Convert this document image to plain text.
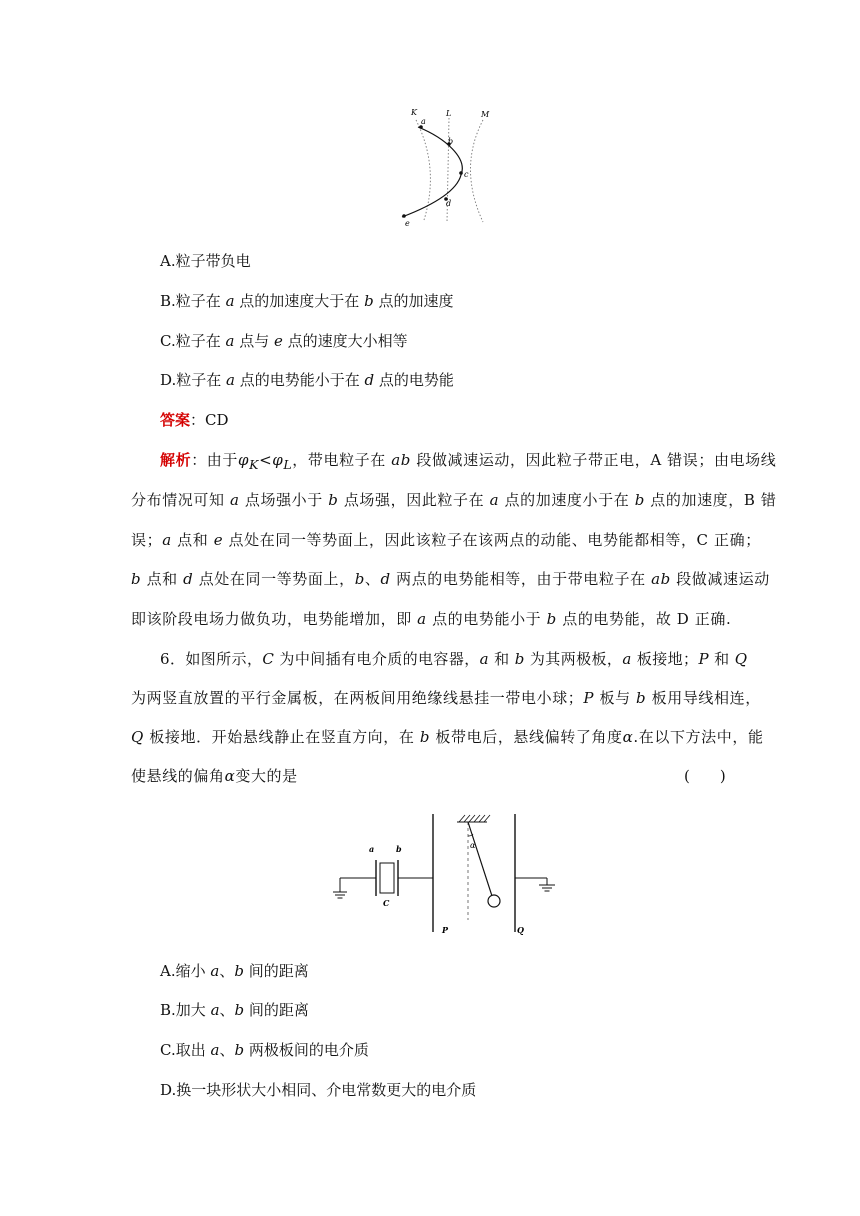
K	L	M
a
b
c
d
e
A.粒子带负电
B.粒子在 a 点的加速度大于在 b 点的加速度
C.粒子在 a 点与 e 点的速度大小相等
D.粒子在 a 点的电势能小于在 d 点的电势能
答案：CD
解析：由于$\varphi_K<\varphi_L$，带电粒子在 ab 段做减速运动，因此粒子带正电，A 错误；由电场线
分布情况可知 a 点场强小于 b 点场强，因此粒子在 a 点的加速度小于在 b 点的加速度，B 错
误；a 点和 e 点处在同一等势面上，因此该粒子在该两点的动能、电势能都相等，C 正确；
b 点和 d 点处在同一等势面上，b、d 两点的电势能相等，由于带电粒子在 ab 段做减速运动
即该阶段电场力做负功，电势能增加，即 a 点的电势能小于 b 点的电势能，故 D 正确.
6．如图所示，C 为中间插有电介质的电容器，a 和 b 为其两极板，a 板接地；P 和 Q
为两竖直放置的平行金属板，在两板间用绝缘线悬挂一带电小球；P 板与 b 板用导线相连，
Q 板接地．开始悬线静止在竖直方向，在 b 板带电后，悬线偏转了角度α.在以下方法中，能
使悬线的偏角α变大的是	(　　)
a	b
C
α
P	Q
A.缩小 a、b 间的距离
B.加大 a、b 间的距离
C.取出 a、b 两极板间的电介质
D.换一块形状大小相同、介电常数更大的电介质
